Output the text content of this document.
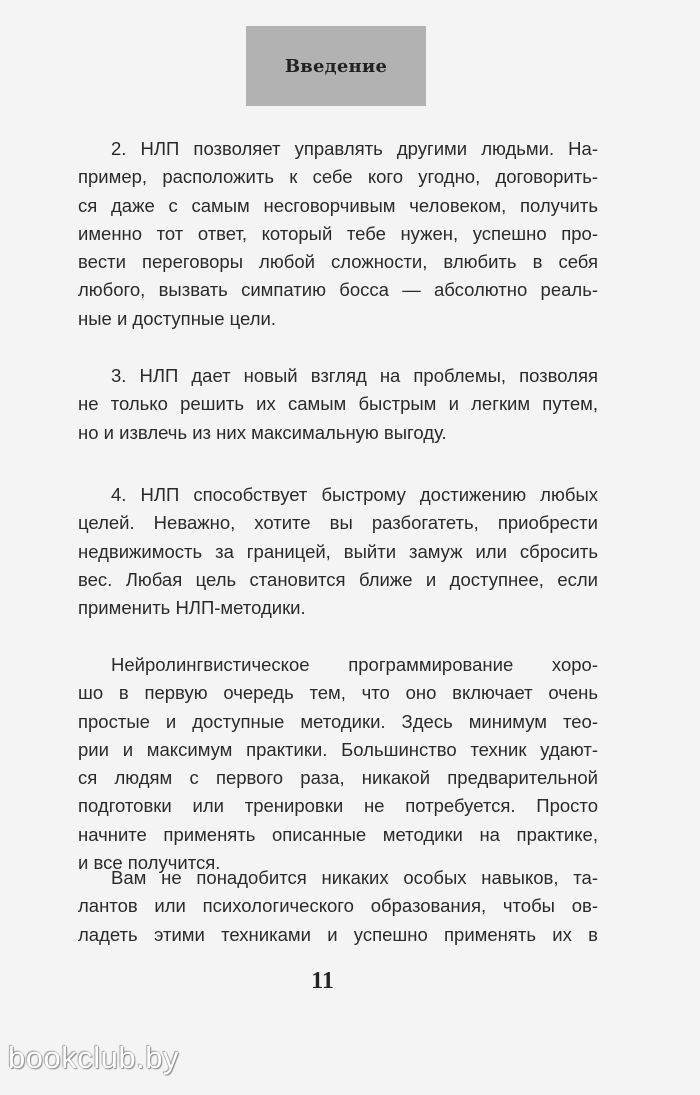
Введение
2. НЛП позволяет управлять другими людьми. На-
пример, расположить к себе кого угодно, договорить-
ся даже с самым несговорчивым человеком, получить
именно тот ответ, который тебе нужен, успешно про-
вести переговоры любой сложности, влюбить в себя
любого, вызвать симпатию босса — абсолютно реаль-
ные и доступные цели.
3. НЛП дает новый взгляд на проблемы, позволяя
не только решить их самым быстрым и легким путем,
но и извлечь из них максимальную выгоду.
4. НЛП способствует быстрому достижению любых
целей. Неважно, хотите вы разбогатеть, приобрести
недвижимость за границей, выйти замуж или сбросить
вес. Любая цель становится ближе и доступнее, если
применить НЛП-методики.
Нейролингвистическое программирование хоро-
шо в первую очередь тем, что оно включает очень
простые и доступные методики. Здесь минимум тео-
рии и максимум практики. Большинство техник удают-
ся людям с первого раза, никакой предварительной
подготовки или тренировки не потребуется. Просто
начните применять описанные методики на практике,
и все получится.
Вам не понадобится никаких особых навыков, та-
лантов или психологического образования, чтобы ов-
ладеть этими техниками и успешно применять их в
11
bookclub.by
